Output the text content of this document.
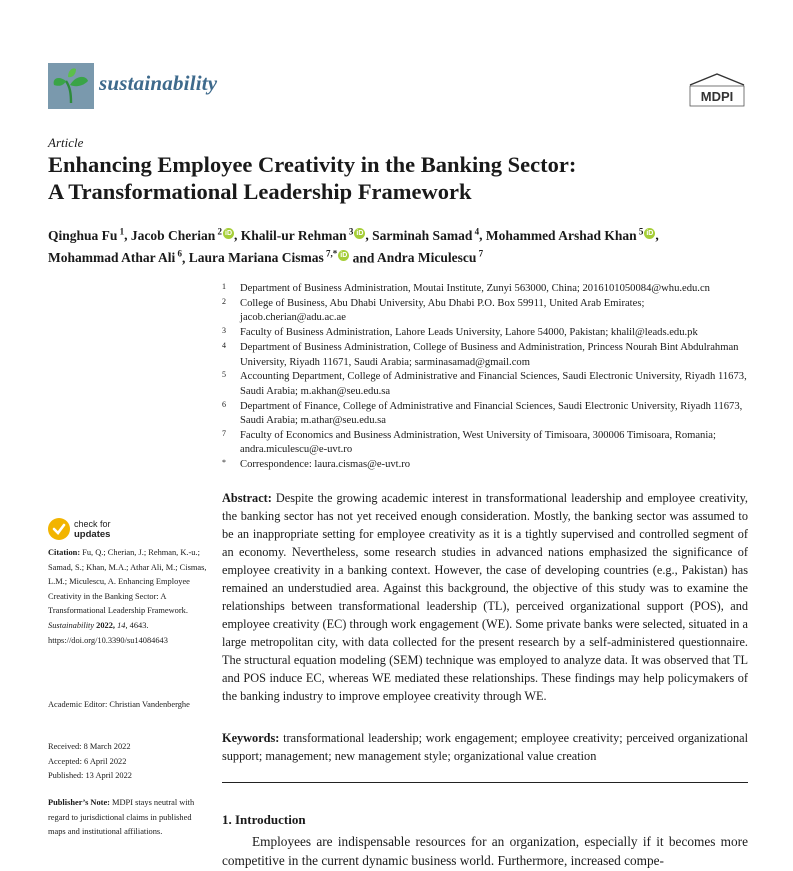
sustainability
MDPI
Article
Enhancing Employee Creativity in the Banking Sector:
A Transformational Leadership Framework
Qinghua Fu $^1$, Jacob Cherian $^2$ iD , Khalil-ur Rehman $^3$ iD , Sarminah Samad $^4$, Mohammed Arshad Khan $^5$ iD ,
Mohammad Athar Ali $^6$, Laura Mariana Cismas $^{7,*}$ iD and Andra Miculescu $^7$
1 Department of Business Administration, Moutai Institute, Zunyi 563000, China; 2016101050084@whu.edu.cn
2 College of Business, Abu Dhabi University, Abu Dhabi P.O. Box 59911, United Arab Emirates; jacob.cherian@adu.ac.ae
3 Faculty of Business Administration, Lahore Leads University, Lahore 54000, Pakistan; khalil@leads.edu.pk
4 Department of Business Administration, College of Business and Administration, Princess Nourah Bint Abdulrahman University, Riyadh 11671, Saudi Arabia; sarminasamad@gmail.com
5 Accounting Department, College of Administrative and Financial Sciences, Saudi Electronic University, Riyadh 11673, Saudi Arabia; m.akhan@seu.edu.sa
6 Department of Finance, College of Administrative and Financial Sciences, Saudi Electronic University, Riyadh 11673, Saudi Arabia; m.athar@seu.edu.sa
7 Faculty of Economics and Business Administration, West University of Timisoara, 300006 Timisoara, Romania; andra.miculescu@e-uvt.ro
* Correspondence: laura.cismas@e-uvt.ro
check for
updates
Citation: Fu, Q.; Cherian, J.; Rehman, K.-u.; Samad, S.; Khan, M.A.; Athar Ali, M.; Cismas, L.M.; Miculescu, A. Enhancing Employee Creativity in the Banking Sector: A Transformational Leadership Framework. Sustainability 2022, 14, 4643. https://doi.org/10.3390/su14084643
Academic Editor: Christian Vandenberghe
Received: 8 March 2022
Accepted: 6 April 2022
Published: 13 April 2022
Publisher’s Note: MDPI stays neutral with regard to jurisdictional claims in published maps and institutional affiliations.
Abstract: Despite the growing academic interest in transformational leadership and employee creativity, the banking sector has not yet received enough consideration. Mostly, the banking sector was assumed to be an inappropriate setting for employee creativity as it is a tightly supervised and controlled segment of an economy. Nevertheless, some research studies in advanced nations emphasized the significance of employee creativity in a banking context. However, the case of developing countries (e.g., Pakistan) has remained an understudied area. Against this background, the objective of this study was to examine the relationships between transformational leadership (TL), perceived organizational support (POS), and employee creativity (EC) through work engagement (WE). Some private banks were selected, situated in a large metropolitan city, with data collected for the present research by a self-administered questionnaire. The structural equation modeling (SEM) technique was employed to analyze data. It was observed that TL and POS induce EC, whereas WE mediated these relationships. These findings may help policymakers of the banking industry to improve employee creativity through WE.
Keywords: transformational leadership; work engagement; employee creativity; perceived organizational support; management; new management style; organizational value creation
1. Introduction
Employees are indispensable resources for an organization, especially if it becomes more competitive in the current dynamic business world. Furthermore, increased compe-
